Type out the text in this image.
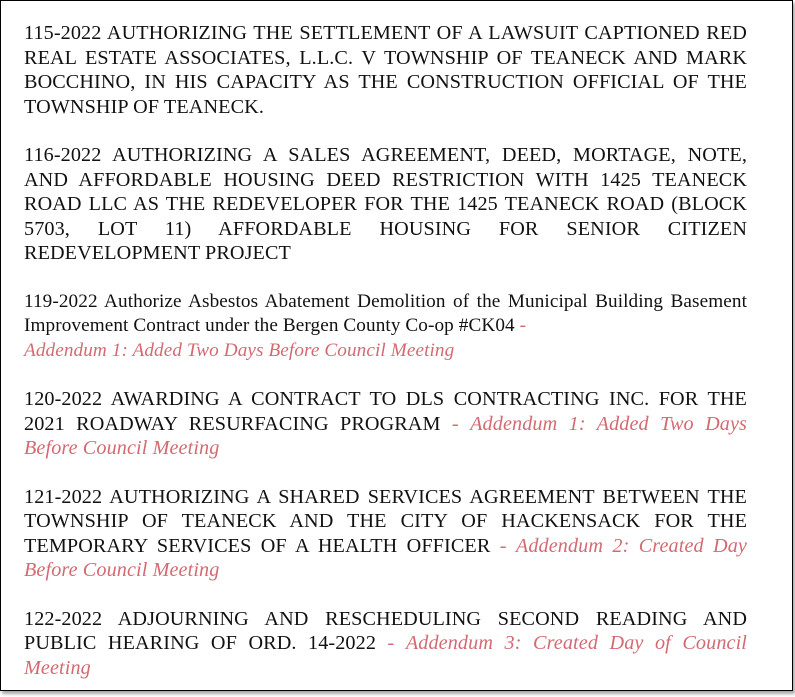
115-2022 AUTHORIZING THE SETTLEMENT OF A LAWSUIT CAPTIONED RED REAL ESTATE ASSOCIATES, L.L.C. V TOWNSHIP OF TEANECK AND MARK BOCCHINO, IN HIS CAPACITY AS THE CONSTRUCTION OFFICIAL OF THE TOWNSHIP OF TEANECK.

116-2022 AUTHORIZING A SALES AGREEMENT, DEED, MORTAGE, NOTE, AND AFFORDABLE HOUSING DEED RESTRICTION WITH 1425 TEANECK ROAD LLC AS THE REDEVELOPER FOR THE 1425 TEANECK ROAD (BLOCK 5703, LOT 11) AFFORDABLE HOUSING FOR SENIOR CITIZEN REDEVELOPMENT PROJECT

119-2022 Authorize Asbestos Abatement Demolition of the Municipal Building Basement Improvement Contract under the Bergen County Co-op #CK04 -
Addendum 1: Added Two Days Before Council Meeting

120-2022 AWARDING A CONTRACT TO DLS CONTRACTING INC. FOR THE 2021 ROADWAY RESURFACING PROGRAM - Addendum 1: Added Two Days Before Council Meeting

121-2022 AUTHORIZING A SHARED SERVICES AGREEMENT BETWEEN THE TOWNSHIP OF TEANECK AND THE CITY OF HACKENSACK FOR THE TEMPORARY SERVICES OF A HEALTH OFFICER - Addendum 2: Created Day Before Council Meeting

122-2022 ADJOURNING AND RESCHEDULING SECOND READING AND PUBLIC HEARING OF ORD. 14-2022 - Addendum 3: Created Day of Council Meeting
